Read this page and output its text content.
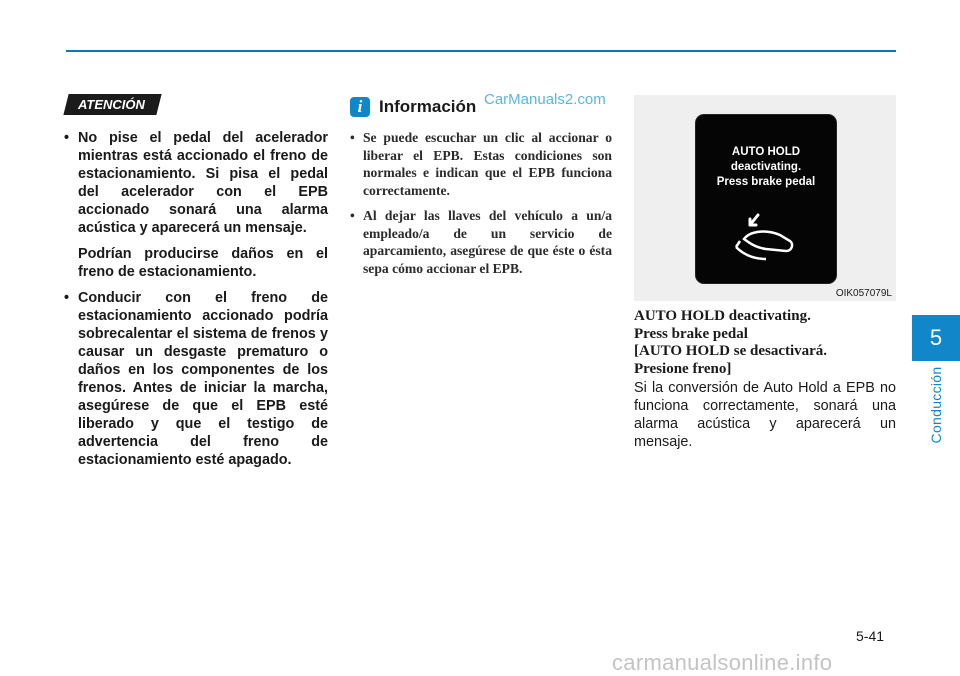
ATENCIÓN

• No pise el pedal del acelerador mientras está accionado el freno de estacionamiento. Si pisa el pedal del acelerador con el EPB accionado sonará una alarma acústica y aparecerá un mensaje.

Podrían producirse daños en el freno de estacionamiento.

• Conducir con el freno de estacionamiento accionado podría sobrecalentar el sistema de frenos y causar un desgaste prematuro o daños en los componentes de los frenos. Antes de iniciar la marcha, asegúrese de que el EPB esté liberado y que el testigo de advertencia del freno de estacionamiento esté apagado.

i Información CarManuals2.com
• Se puede escuchar un clic al accionar o liberar el EPB. Estas condiciones son normales e indican que el EPB funciona correctamente.
• Al dejar las llaves del vehículo a un/a empleado/a de un servicio de aparcamiento, asegúrese de que éste o ésta sepa cómo accionar el EPB.
AUTO HOLD
deactivating.
Press brake pedal
OIK057079L
AUTO HOLD deactivating.
Press brake pedal
[AUTO HOLD se desactivará.
Presione freno]
Si la conversión de Auto Hold a EPB no funciona correctamente, sonará una alarma acústica y aparecerá un mensaje.
5
Conducción
5-41
carmanualsonline.info
